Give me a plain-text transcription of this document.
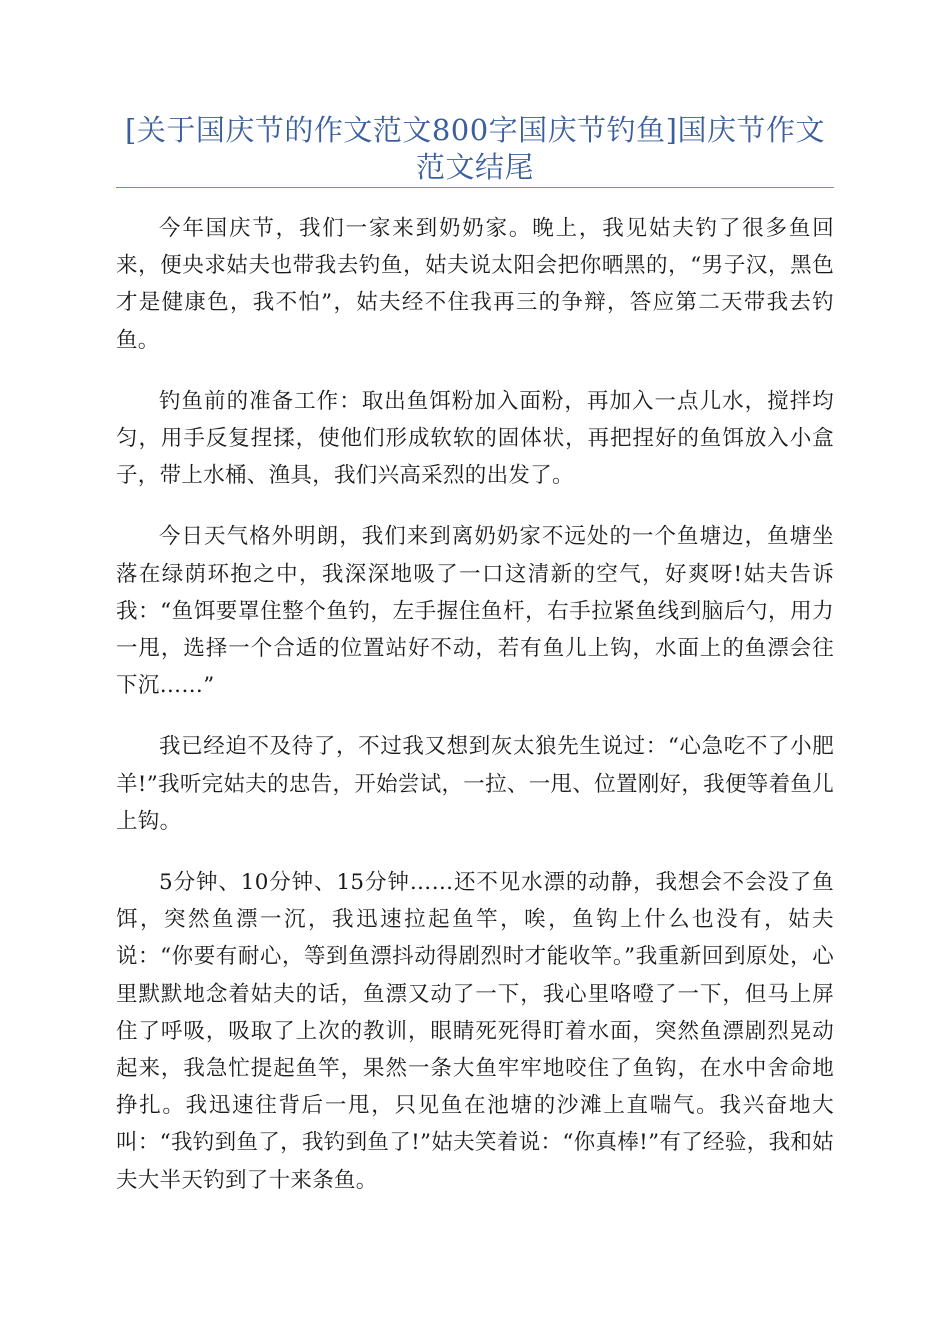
[关于国庆节的作文范文800字国庆节钓鱼]国庆节作文范文结尾

今年国庆节，我们一家来到奶奶家。晚上，我见姑夫钓了很多鱼回来，便央求姑夫也带我去钓鱼，姑夫说太阳会把你晒黑的，“男子汉，黑色才是健康色，我不怕”，姑夫经不住我再三的争辩，答应第二天带我去钓鱼。

钓鱼前的准备工作：取出鱼饵粉加入面粉，再加入一点儿水，搅拌均匀，用手反复捏揉，使他们形成软软的固体状，再把捏好的鱼饵放入小盒子，带上水桶、渔具，我们兴高采烈的出发了。

今日天气格外明朗，我们来到离奶奶家不远处的一个鱼塘边，鱼塘坐落在绿荫环抱之中，我深深地吸了一口这清新的空气，好爽呀!姑夫告诉我：“鱼饵要罩住整个鱼钓，左手握住鱼杆，右手拉紧鱼线到脑后勺，用力一甩，选择一个合适的位置站好不动，若有鱼儿上钩，水面上的鱼漂会往下沉……”

我已经迫不及待了，不过我又想到灰太狼先生说过：“心急吃不了小肥羊!”我听完姑夫的忠告，开始尝试，一拉、一甩、位置刚好，我便等着鱼儿上钩。

5分钟、10分钟、15分钟……还不见水漂的动静，我想会不会没了鱼饵，突然鱼漂一沉，我迅速拉起鱼竿，唉，鱼钩上什么也没有，姑夫说：“你要有耐心，等到鱼漂抖动得剧烈时才能收竿。”我重新回到原处，心里默默地念着姑夫的话，鱼漂又动了一下，我心里咯噔了一下，但马上屏住了呼吸，吸取了上次的教训，眼睛死死得盯着水面，突然鱼漂剧烈晃动起来，我急忙提起鱼竿，果然一条大鱼牢牢地咬住了鱼钩，在水中舍命地挣扎。我迅速往背后一甩，只见鱼在池塘的沙滩上直喘气。我兴奋地大叫：“我钓到鱼了，我钓到鱼了!”姑夫笑着说：“你真棒!”有了经验，我和姑夫大半天钓到了十来条鱼。
